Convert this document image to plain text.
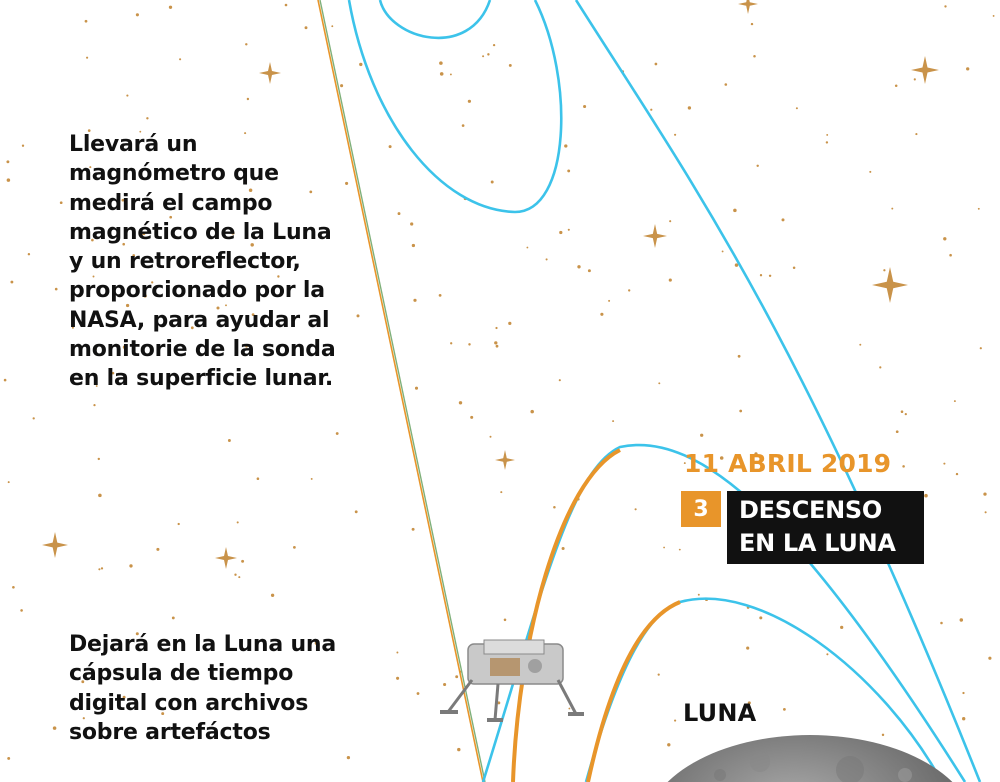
Llevará un magnómetro que medirá el campo magnético de la Luna y un retroreflector, proporcionado por la NASA, para ayudar al monitorie de la sonda en la superficie lunar.

Dejará en la Luna una cápsula de tiempo digital con archivos sobre artefáctos

11 ABRIL 2019
3	DESCENSO
EN LA LUNA
LUNA
